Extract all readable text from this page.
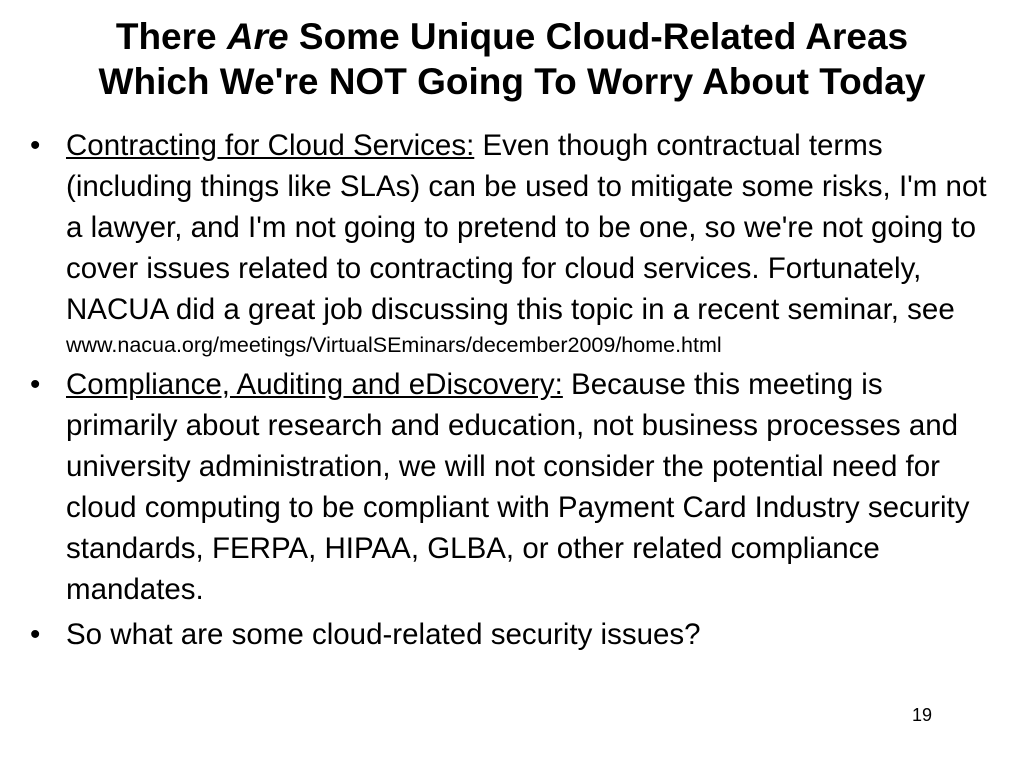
There Are Some Unique Cloud-Related Areas
Which We're NOT Going To Worry About Today
• Contracting for Cloud Services: Even though contractual terms (including things like SLAs) can be used to mitigate some risks, I'm not a lawyer, and I'm not going to pretend to be one, so we're not going to cover issues related to contracting for cloud services. Fortunately, NACUA did a great job discussing this topic in a recent seminar, see
www.nacua.org/meetings/VirtualSEminars/december2009/home.html
• Compliance, Auditing and eDiscovery: Because this meeting is primarily about research and education, not business processes and university administration, we will not consider the potential need for cloud computing to be compliant with Payment Card Industry security standards, FERPA, HIPAA, GLBA, or other related compliance mandates.
• So what are some cloud-related security issues?
19
